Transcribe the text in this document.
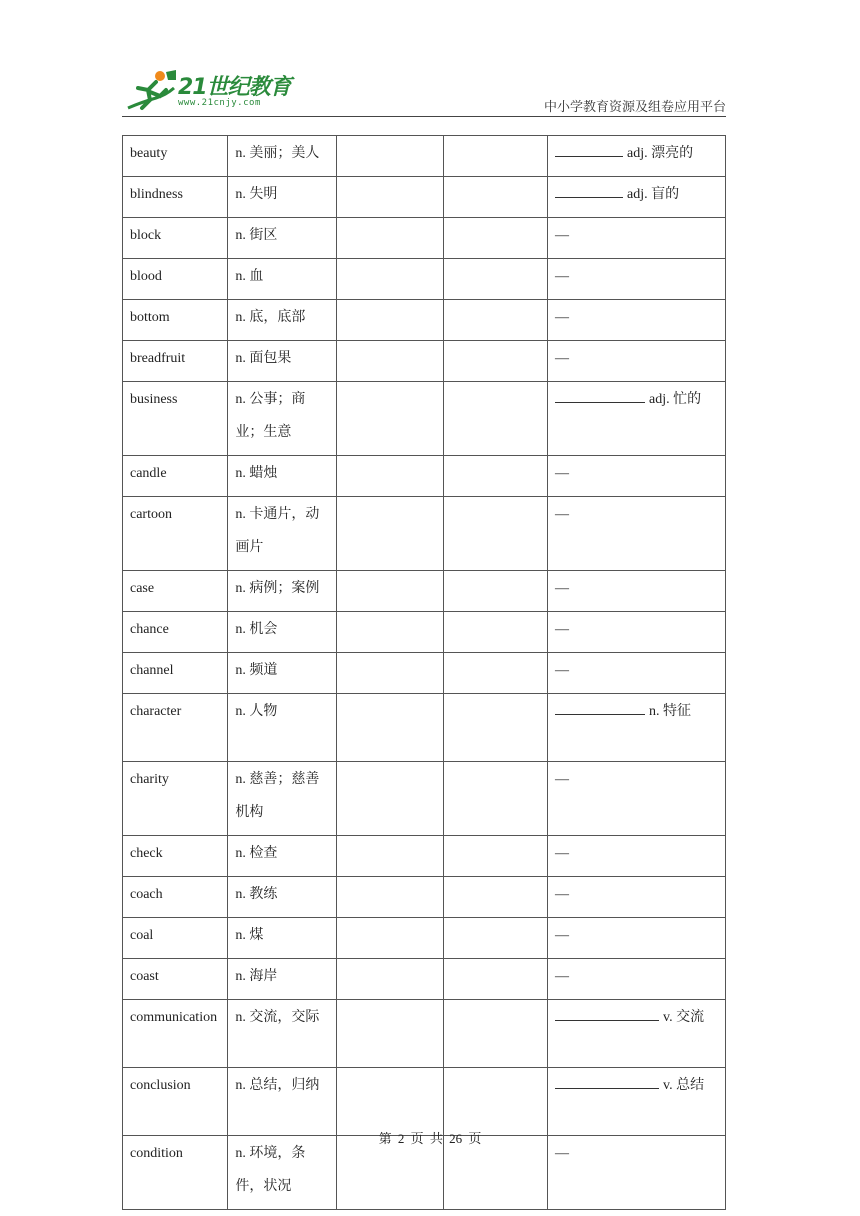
21世纪教育
www.21cnjy.com	中小学教育资源及组卷应用平台
beauty	n. 美丽；美人			adj. 漂亮的

blindness	n. 失明			adj. 盲的

block	n. 街区			—

blood	n. 血			—

bottom	n. 底，底部			—

breadfruit	n. 面包果			—

business	n. 公事；商业；生意			adj. 忙的

candle	n. 蜡烛			—

cartoon	n. 卡通片，动画片			—

case	n. 病例；案例			—

chance	n. 机会			—

channel	n. 频道			—

character	n. 人物			n. 特征

charity	n. 慈善；慈善机构			—

check	n. 检查			—

coach	n. 教练			—

coal	n. 煤			—

coast	n. 海岸			—

communication	n. 交流，交际			v. 交流

conclusion	n. 总结，归纳			v. 总结

condition	n. 环境，条件，状况			—
第 2 页 共 26 页
